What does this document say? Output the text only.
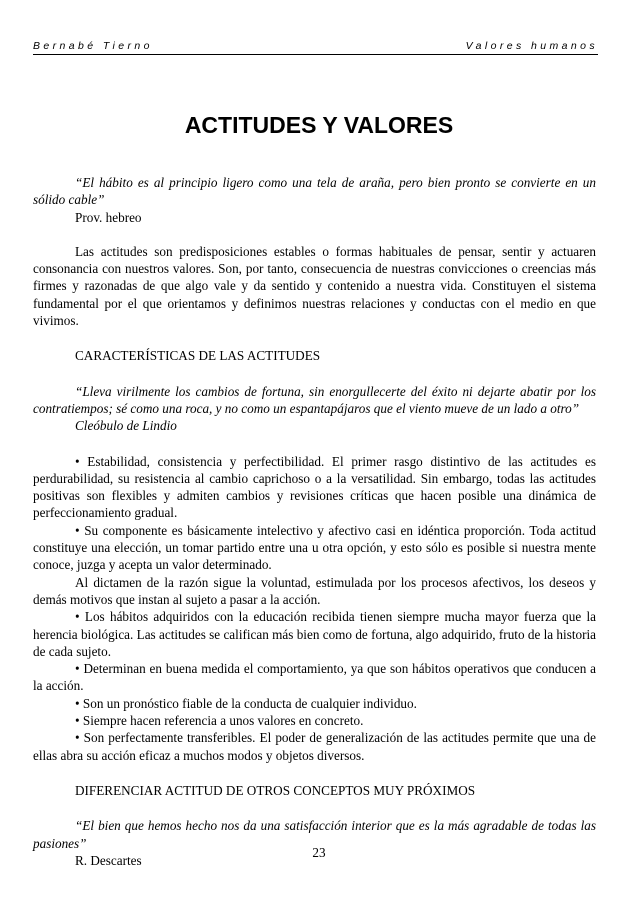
Bernabé Tierno	Valores humanos
ACTITUDES Y VALORES

“El hábito es al principio ligero como una tela de araña, pero bien pronto se convierte en un sólido cable”

Prov. hebreo

Las actitudes son predisposiciones estables o formas habituales de pensar, sentir y actuaren consonancia con nuestros valores. Son, por tanto, consecuencia de nuestras convicciones o creencias más firmes y razonadas de que algo vale y da sentido y contenido a nuestra vida. Constituyen el sistema fundamental por el que orientamos y definimos nuestras relaciones y conductas con el medio en que vivimos.

CARACTERÍSTICAS DE LAS ACTITUDES

“Lleva virilmente los cambios de fortuna, sin enorgullecerte del éxito ni dejarte abatir por los contratiempos; sé como una roca, y no como un espantapájaros que el viento mueve de un lado a otro”

Cleóbulo de Lindio

• Estabilidad, consistencia y perfectibilidad. El primer rasgo distintivo de las actitudes es perdurabilidad, su resistencia al cambio caprichoso o a la versatilidad. Sin embargo, todas las actitudes positivas son flexibles y admiten cambios y revisiones críticas que hacen posible una dinámica de perfeccionamiento gradual.

• Su componente es básicamente intelectivo y afectivo casi en idéntica proporción. Toda actitud constituye una elección, un tomar partido entre una u otra opción, y esto sólo es posible si nuestra mente conoce, juzga y acepta un valor determinado.

Al dictamen de la razón sigue la voluntad, estimulada por los procesos afectivos, los deseos y demás motivos que instan al sujeto a pasar a la acción.

• Los hábitos adquiridos con la educación recibida tienen siempre mucha mayor fuerza que la herencia biológica. Las actitudes se califican más bien como de fortuna, algo adquirido, fruto de la historia de cada sujeto.

• Determinan en buena medida el comportamiento, ya que son hábitos operativos que conducen a la acción.

• Son un pronóstico fiable de la conducta de cualquier individuo.

• Siempre hacen referencia a unos valores en concreto.

• Son perfectamente transferibles. El poder de generalización de las actitudes permite que una de ellas abra su acción eficaz a muchos modos y objetos diversos.

DIFERENCIAR ACTITUD DE OTROS CONCEPTOS MUY PRÓXIMOS

“El bien que hemos hecho nos da una satisfacción interior que es la más agradable de todas las pasiones”

R. Descartes

23
